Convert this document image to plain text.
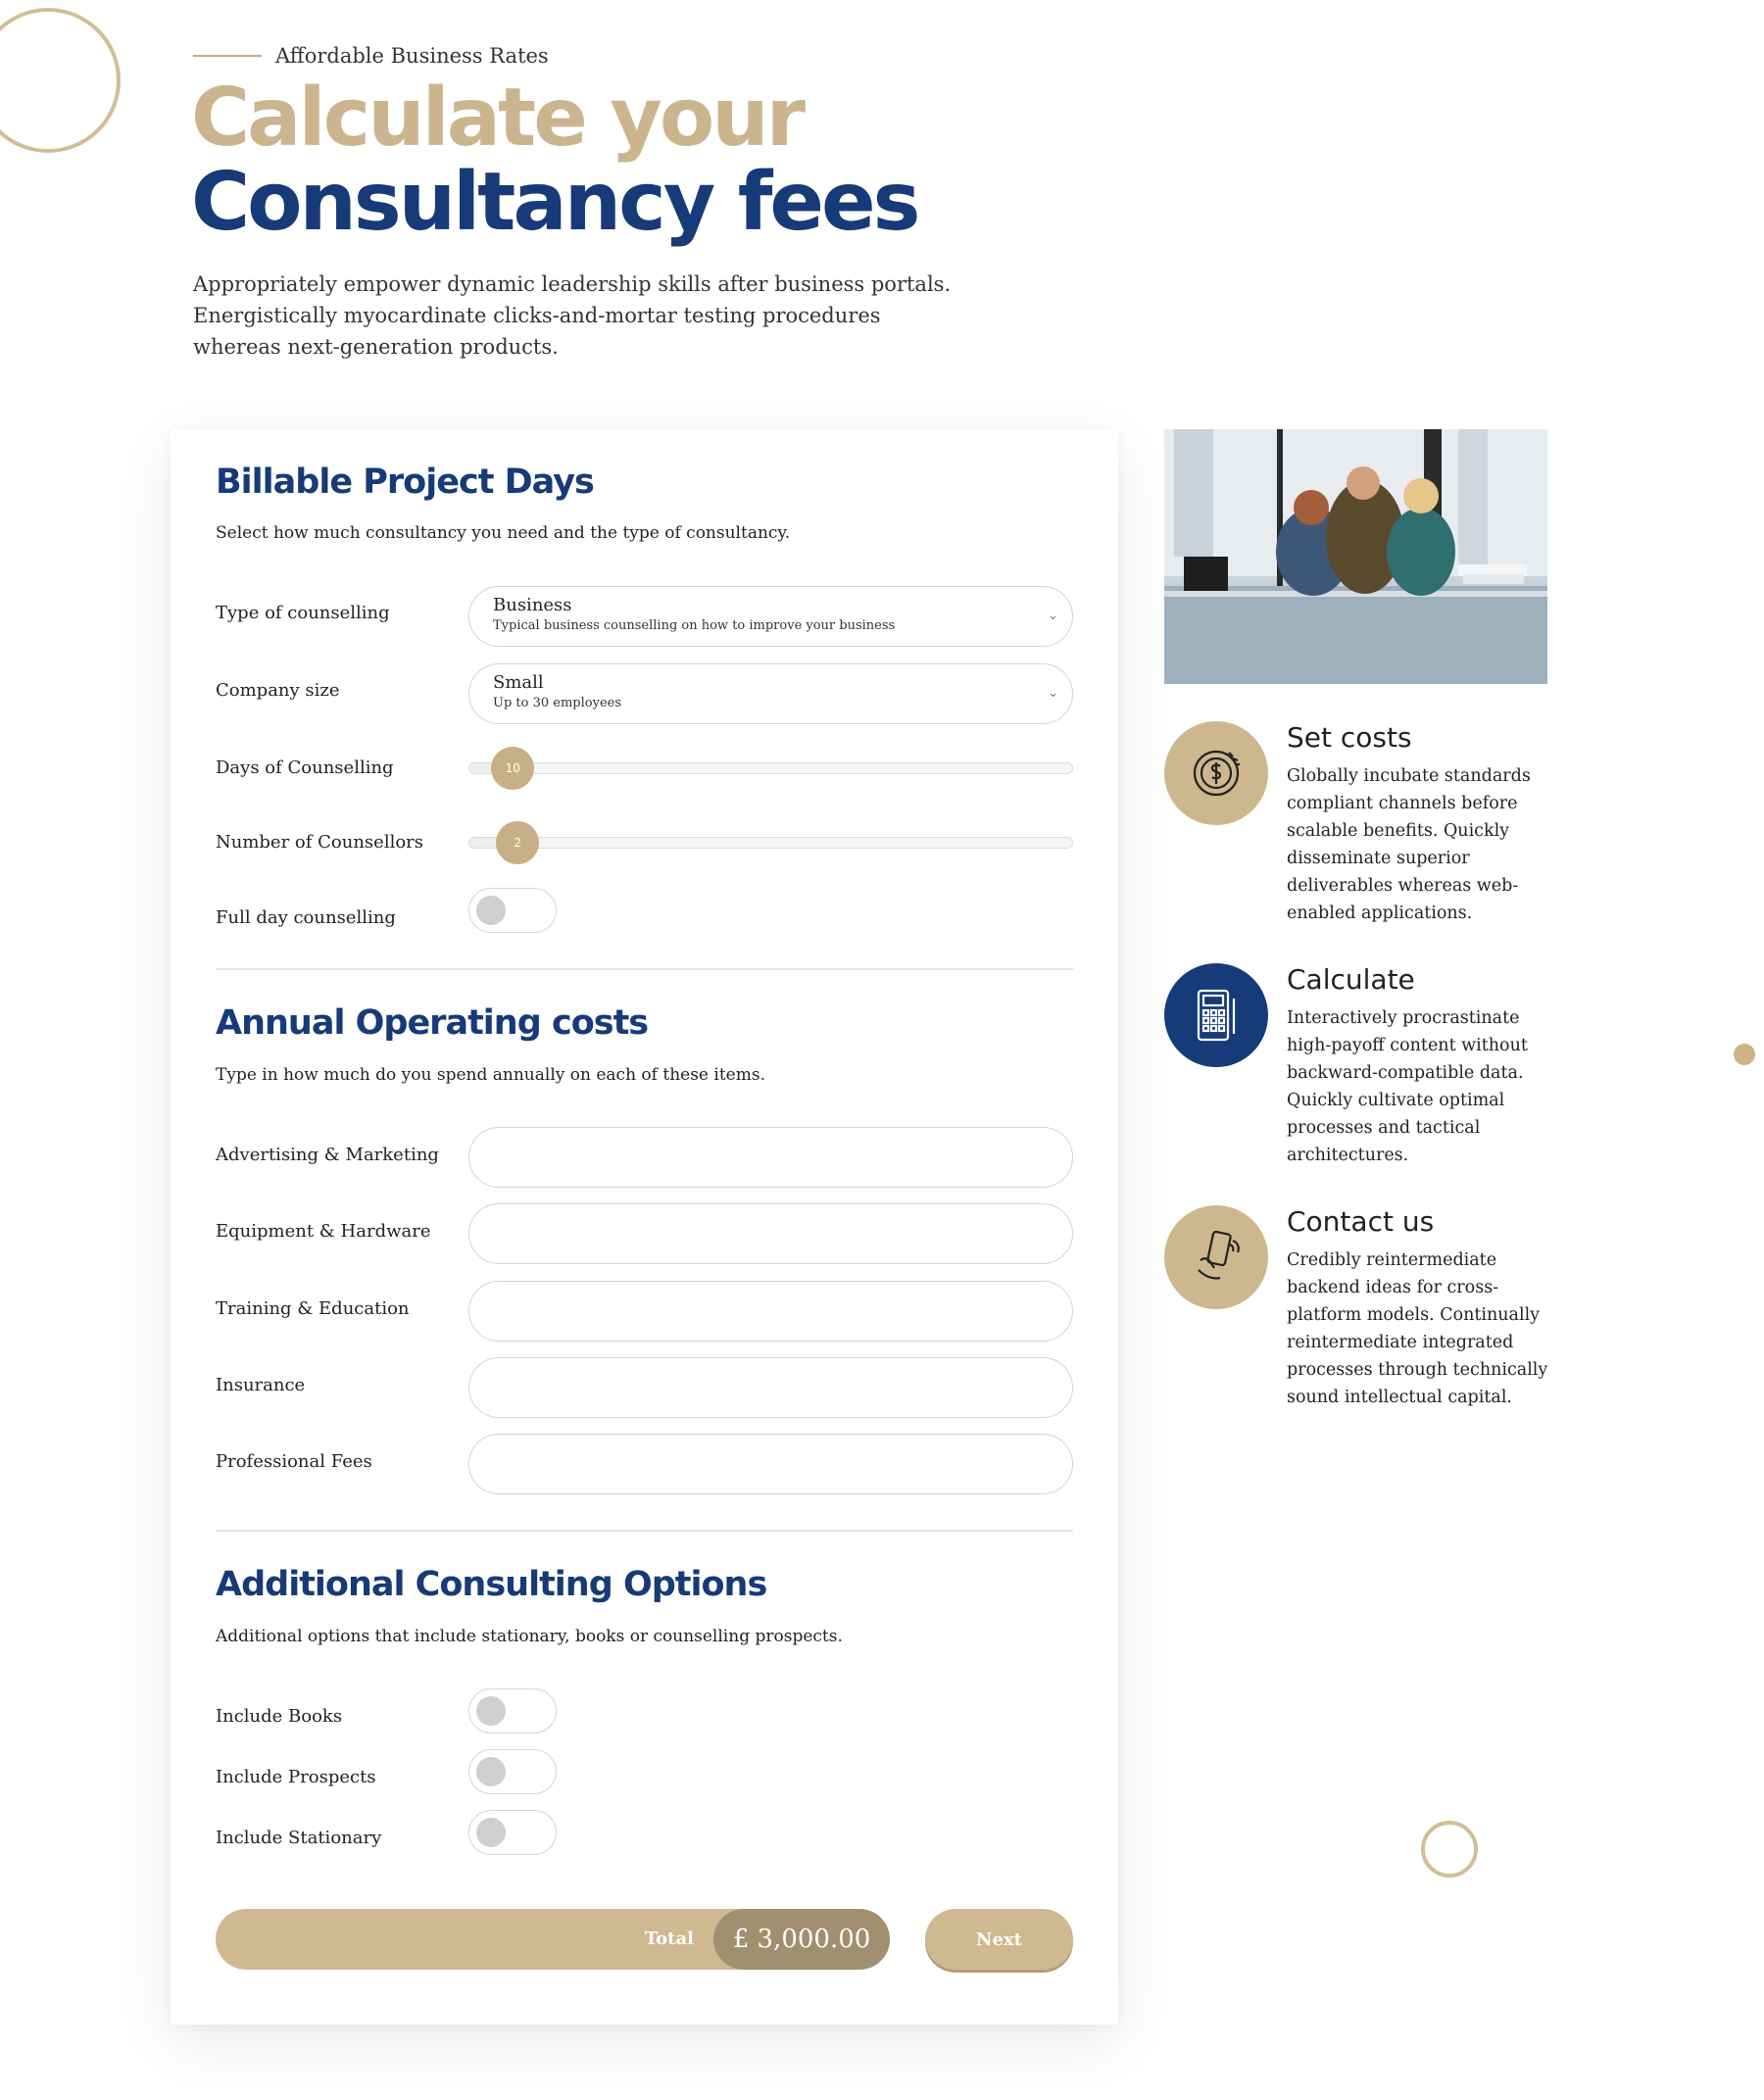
Affordable Business Rates
Calculate your
Consultancy fees

Appropriately empower dynamic leadership skills after business portals. Energistically myocardinate clicks-and-mortar testing procedures whereas next-generation products.

Billable Project Days

Select how much consultancy you need and the type of consultancy.

Type of counselling	Business
Typical business counselling on how to improve your business
⌄
Company size	Small
Up to 30 employees
⌄
Days of Counselling	10
Number of Counsellors	2
Full day counselling
Annual Operating costs

Type in how much do you spend annually on each of these items.

Advertising & Marketing
Equipment & Hardware
Training & Education
Insurance
Professional Fees
Additional Consulting Options

Additional options that include stationary, books or counselling prospects.

Include Books
Include Prospects
Include Stationary
Total	£ 3,000.00	Next
Set costs

Globally incubate standards compliant channels before scalable benefits. Quickly disseminate superior deliverables whereas web-enabled applications.

Calculate

Interactively procrastinate high-payoff content without backward-compatible data. Quickly cultivate optimal processes and tactical architectures.

Contact us

Credibly reintermediate backend ideas for cross-platform models. Continually reintermediate integrated processes through technically sound intellectual capital.
